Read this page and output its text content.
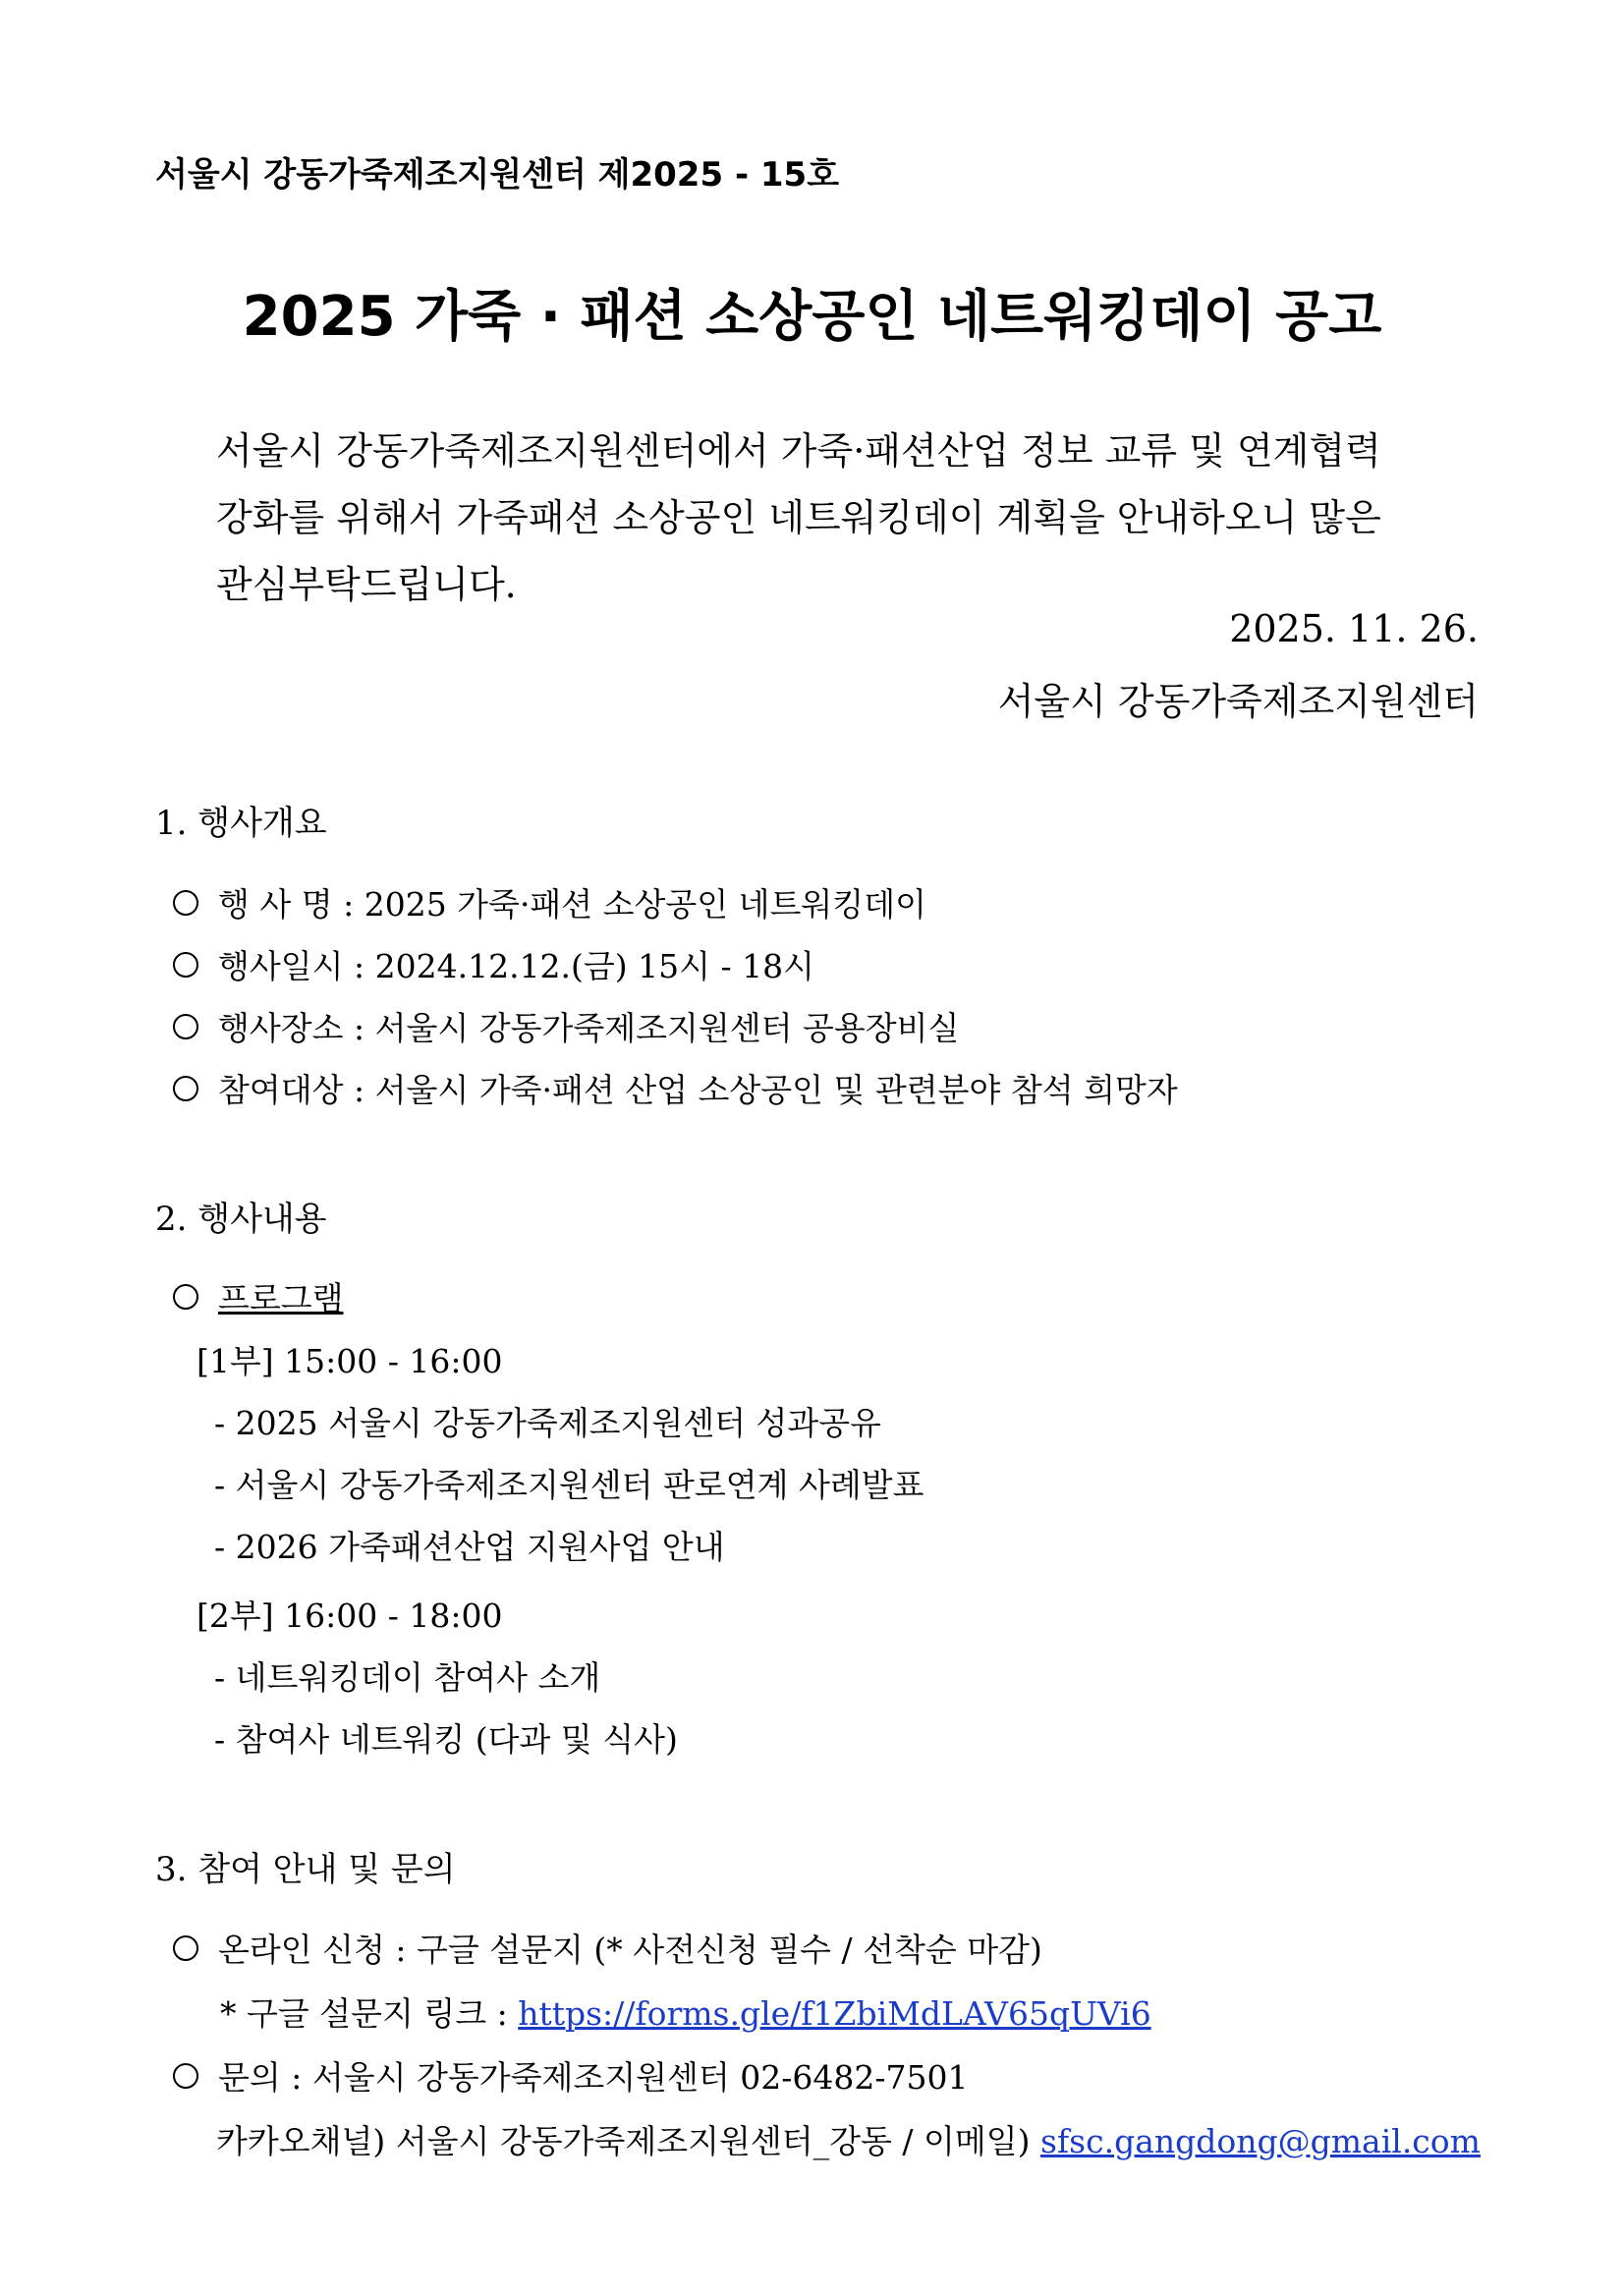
서울시 강동가죽제조지원센터 제2025 - 15호
2025 가죽 · 패션 소상공인 네트워킹데이 공고
서울시 강동가죽제조지원센터에서 가죽·패션산업 정보 교류 및 연계협력
강화를 위해서 가죽패션 소상공인 네트워킹데이 계획을 안내하오니 많은
관심부탁드립니다.
2025. 11. 26.
서울시 강동가죽제조지원센터
1. 행사개요
행 사 명 : 2025 가죽·패션 소상공인 네트워킹데이
행사일시 : 2024.12.12.(금) 15시 - 18시
행사장소 : 서울시 강동가죽제조지원센터 공용장비실
참여대상 : 서울시 가죽·패션 산업 소상공인 및 관련분야 참석 희망자
2. 행사내용
프로그램
[1부] 15:00 - 16:00
- 2025 서울시 강동가죽제조지원센터 성과공유
- 서울시 강동가죽제조지원센터 판로연계 사례발표
- 2026 가죽패션산업 지원사업 안내
[2부] 16:00 - 18:00
- 네트워킹데이 참여사 소개
- 참여사 네트워킹 (다과 및 식사)
3. 참여 안내 및 문의
온라인 신청 : 구글 설문지 (* 사전신청 필수 / 선착순 마감)
* 구글 설문지 링크 : https://forms.gle/f1ZbiMdLAV65qUVi6
문의 : 서울시 강동가죽제조지원센터 02-6482-7501
카카오채널) 서울시 강동가죽제조지원센터_강동 / 이메일) sfsc.gangdong@gmail.com
